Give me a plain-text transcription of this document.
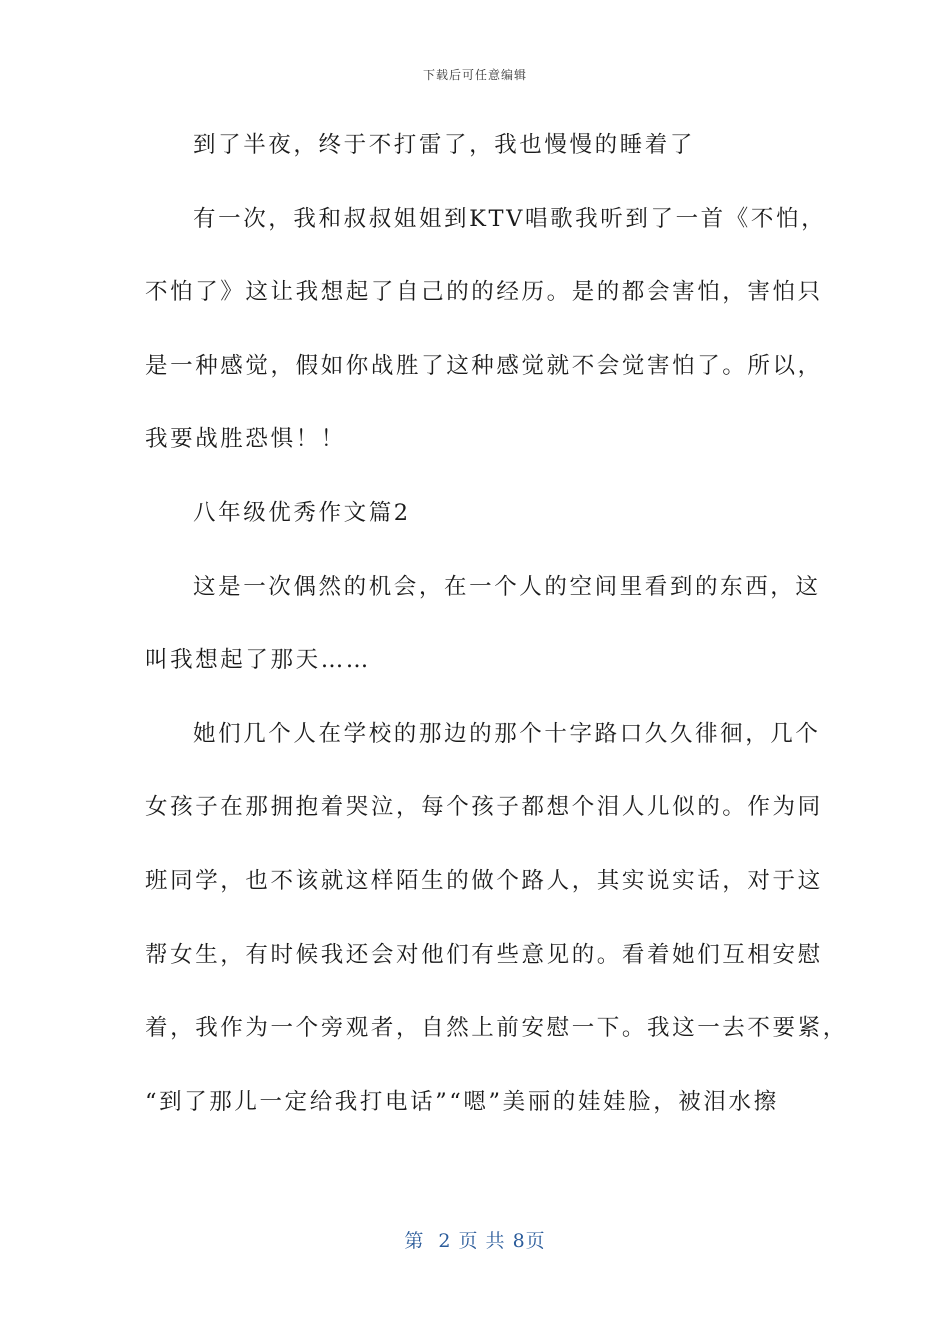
下载后可任意编辑
到了半夜，终于不打雷了，我也慢慢的睡着了
有一次，我和叔叔姐姐到KTV唱歌我听到了一首《不怕，
不怕了》这让我想起了自己的的经历。是的都会害怕，害怕只
是一种感觉，假如你战胜了这种感觉就不会觉害怕了。所以，
我要战胜恐惧！！
八年级优秀作文篇2
这是一次偶然的机会，在一个人的空间里看到的东西，这
叫我想起了那天……
她们几个人在学校的那边的那个十字路口久久徘徊，几个
女孩子在那拥抱着哭泣，每个孩子都想个泪人儿似的。作为同
班同学，也不该就这样陌生的做个路人，其实说实话，对于这
帮女生，有时候我还会对他们有些意见的。看着她们互相安慰
着，我作为一个旁观者，自然上前安慰一下。我这一去不要紧，
“到了那儿一定给我打电话”“嗯”美丽的娃娃脸，被泪水擦
第  2 页 共 8页
